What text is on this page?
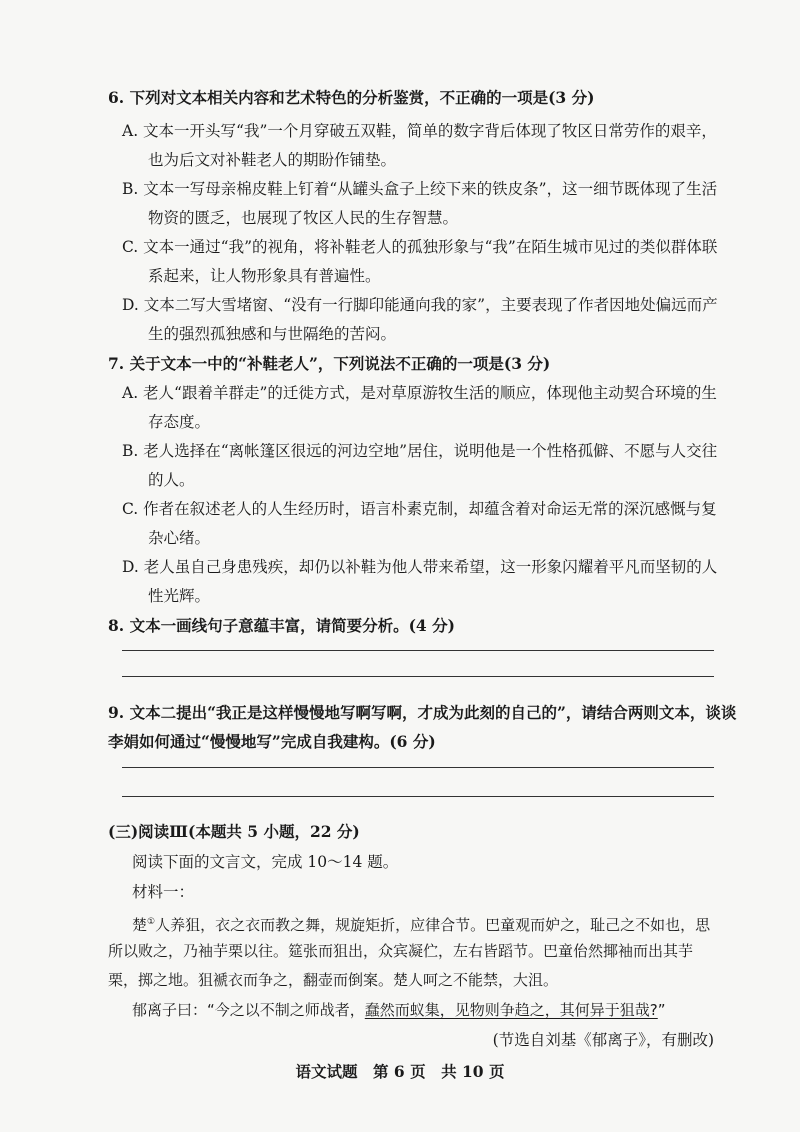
6. 下列对文本相关内容和艺术特色的分析鉴赏，不正确的一项是(3 分)
A. 文本一开头写“我”一个月穿破五双鞋，简单的数字背后体现了牧区日常劳作的艰辛，
也为后文对补鞋老人的期盼作铺垫。
B. 文本一写母亲棉皮鞋上钉着“从罐头盒子上绞下来的铁皮条”，这一细节既体现了生活
物资的匮乏，也展现了牧区人民的生存智慧。
C. 文本一通过“我”的视角，将补鞋老人的孤独形象与“我”在陌生城市见过的类似群体联
系起来，让人物形象具有普遍性。
D. 文本二写大雪堵窗、“没有一行脚印能通向我的家”，主要表现了作者因地处偏远而产
生的强烈孤独感和与世隔绝的苦闷。
7. 关于文本一中的“补鞋老人”，下列说法不正确的一项是(3 分)
A. 老人“跟着羊群走”的迁徙方式，是对草原游牧生活的顺应，体现他主动契合环境的生
存态度。
B. 老人选择在“离帐篷区很远的河边空地”居住，说明他是一个性格孤僻、不愿与人交往
的人。
C. 作者在叙述老人的人生经历时，语言朴素克制，却蕴含着对命运无常的深沉感慨与复
杂心绪。
D. 老人虽自己身患残疾，却仍以补鞋为他人带来希望，这一形象闪耀着平凡而坚韧的人
性光辉。
8. 文本一画线句子意蕴丰富，请简要分析。(4 分)
9. 文本二提出“我正是这样慢慢地写啊写啊，才成为此刻的自己的”，请结合两则文本，谈谈
李娟如何通过“慢慢地写”完成自我建构。(6 分)
(三)阅读Ⅲ(本题共 5 小题，22 分)
阅读下面的文言文，完成 10～14 题。
材料一：
楚①人养狙，衣之衣而教之舞，规旋矩折，应律合节。巴童观而妒之，耻己之不如也，思
所以败之，乃袖芋栗以往。筵张而狙出，众宾凝伫，左右皆蹈节。巴童佁然揶袖而出其芋
栗，掷之地。狙褫衣而争之，翻壶而倒案。楚人呵之不能禁，大沮。
郁离子曰：“今之以不制之师战者，蠢然而蚁集，见物则争趋之，其何异于狙哉?”
(节选自刘基《郁离子》，有删改)
语文试题　第 6 页　共 10 页
